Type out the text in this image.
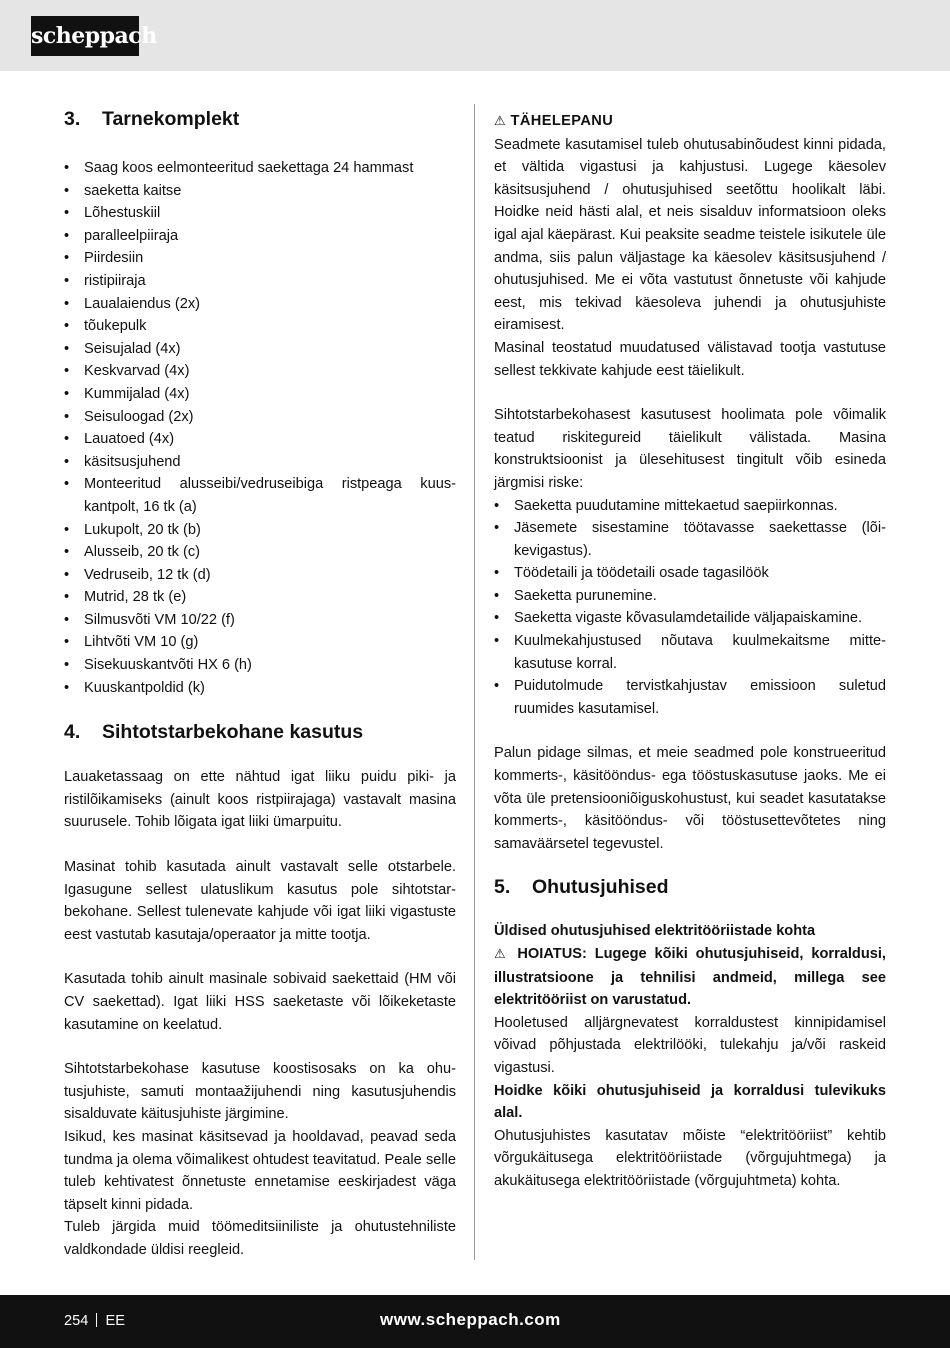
scheppach
3. Tarnekomplekt
• Saag koos eelmonteeritud saekettaga 24 hammast
• saeketta kaitse
• Lõhestuskiil
• paralleelpiiraja
• Piirdesiin
• ristipiiraja
• Laualaiendus (2x)
• tõukepulk
• Seisujalad (4x)
• Keskvarvad (4x)
• Kummijalad (4x)
• Seisuloogad (2x)
• Lauatoed (4x)
• käsitsusjuhend
• Monteeritud alusseibi/vedruseibiga ristpeaga kuuskantpolt, 16 tk (a)
• Lukupolt, 20 tk (b)
• Alusseib, 20 tk (c)
• Vedruseib, 12 tk (d)
• Mutrid, 28 tk (e)
• Silmusvõti VM 10/22 (f)
• Lihtvõti VM 10 (g)
• Sisekuuskantvõti HX 6 (h)
• Kuuskantpoldid (k)
4. Sihtotstarbekohane kasutus

Lauaketassaag on ette nähtud igat liiku puidu piki- ja ristilõikamiseks (ainult koos ristpiirajaga) vastavalt masina suurusele. Tohib lõigata igat liiki ümarpuitu.

Masinat tohib kasutada ainult vastavalt selle otstarbele. Igasugune sellest ulatuslikum kasutus pole sihtotstarbekohane. Sellest tulenevate kahjude või igat liiki vigastuste eest vastutab kasutaja/operaator ja mitte tootja.

Kasutada tohib ainult masinale sobivaid saekettaid (HM või CV saekettad). Igat liiki HSS saeketaste või lõikeketaste kasutamine on keelatud.

Sihtotstarbekohase kasutuse koostisosaks on ka ohutusjuhiste, samuti montaažijuhendi ning kasutusjuhendis sisalduvate käitusjuhiste järgimine.

Isikud, kes masinat käsitsevad ja hooldavad, peavad seda tundma ja olema võimalikest ohtudest teavitatud. Peale selle tuleb kehtivatest õnnetuste ennetamise eeskirjadest väga täpselt kinni pidada.

Tuleb järgida muid töömeditsiiniliste ja ohutustehniliste valdkondade üldisi reegleid.

⚠ TÄHELEPANU

Seadmete kasutamisel tuleb ohutusabinõudest kinni pidada, et vältida vigastusi ja kahjustusi. Lugege käesolev käsitsusjuhend / ohutusjuhised seetõttu hoolikalt läbi. Hoidke neid hästi alal, et neis sisalduv informatsioon oleks igal ajal käepärast. Kui peaksite seadme teistele isikutele üle andma, siis palun väljastage ka käesolev käsitsusjuhend / ohutusjuhised. Me ei võta vastutust õnnetuste või kahjude eest, mis tekivad käesoleva juhendi ja ohutusjuhiste eiramisest.

Masinal teostatud muudatused välistavad tootja vastutuse sellest tekkivate kahjude eest täielikult.

Sihtotstarbekohasest kasutusest hoolimata pole võimalik teatud riskitegureid täielikult välistada. Masina konstruktsioonist ja ülesehitusest tingitult võib esineda järgmisi riske:

• Saeketta puudutamine mittekaetud saepiirkonnas.
• Jäsemete sisestamine töötavasse saekettasse (lõikevigastus).
• Töödetaili ja töödetaili osade tagasilöök
• Saeketta purunemine.
• Saeketta vigaste kõvasulamdetailide väljapaiskamine.
• Kuulmekahjustused nõutava kuulmekaitsme mittekasutuse korral.
• Puidutolmude tervistkahjustav emissioon suletud ruumides kasutamisel.

Palun pidage silmas, et meie seadmed pole konstrueeritud kommerts-, käsitööndus- ega tööstuskasutuse jaoks. Me ei võta üle pretensiooniõiguskohustust, kui seadet kasutatakse kommerts-, käsitööndus- või tööstusettevõtetes ning samaväärsetel tegevustel.

5. Ohutusjuhised

Üldised ohutusjuhised elektritööriistade kohta

⚠ HOIATUS: Lugege kõiki ohutusjuhiseid, korraldusi, illustratsioone ja tehnilisi andmeid, millega see elektritööriist on varustatud.

Hooletused alljärgnevatest korraldustest kinnipidamisel võivad põhjustada elektrilööki, tulekahju ja/või raskeid vigastusi.

Hoidke kõiki ohutusjuhiseid ja korraldusi tulevikuks alal.

Ohutusjuhistes kasutatav mõiste “elektritööriist” kehtib võrgukäitusega elektritööriistade (võrgujuhtmega) ja akukäitusega elektritööriistade (võrgujuhtmeta) kohta.

254 EE	www.scheppach.com
